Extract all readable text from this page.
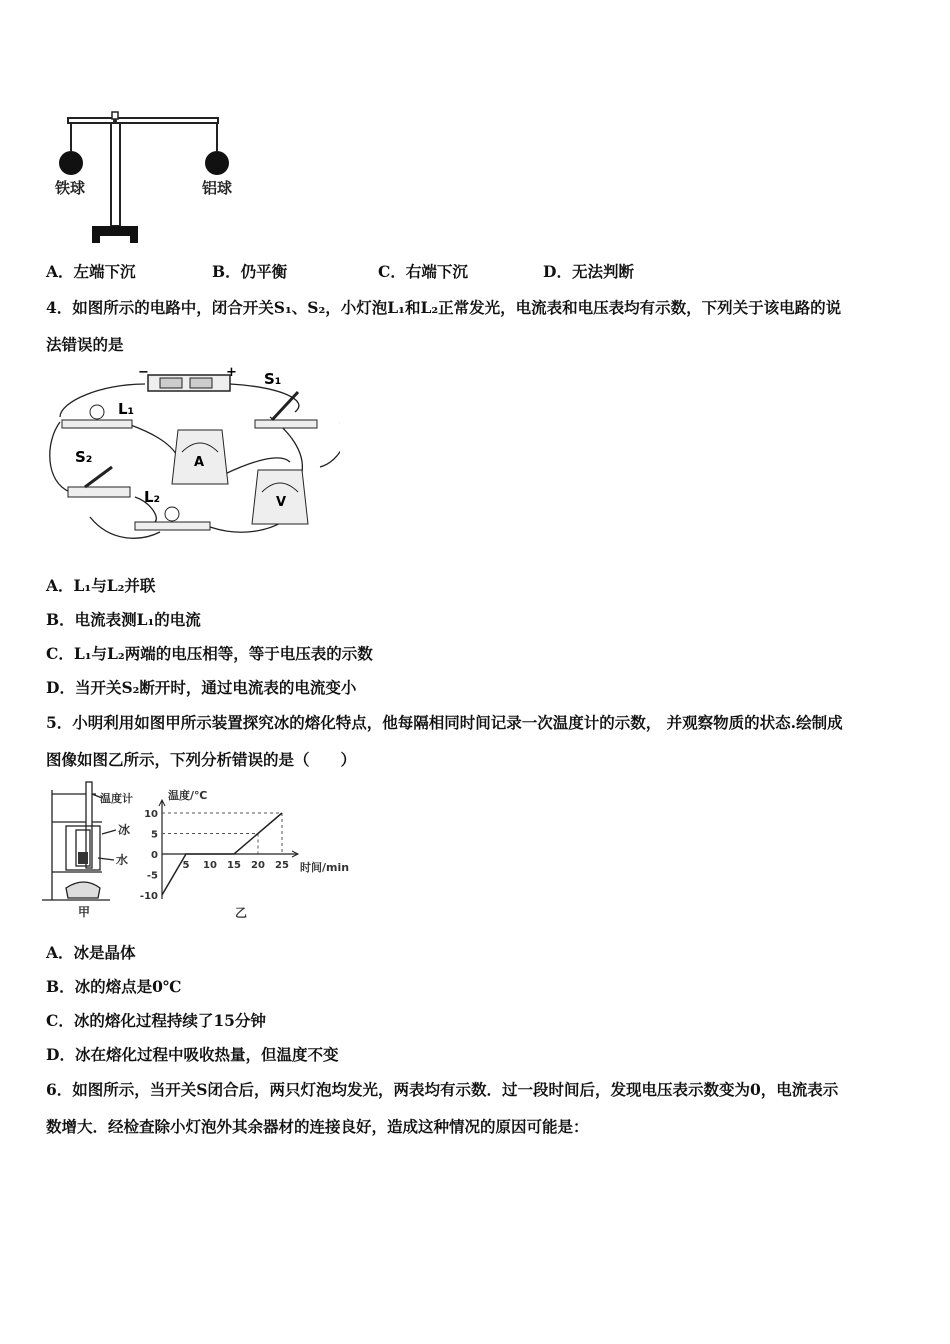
铁球	铝球
A．左端下沉	B．仍平衡	C．右端下沉	D．无法判断
4．如图所示的电路中，闭合开关S₁、S₂，小灯泡L₁和L₂正常发光，电流表和电压表均有示数，下列关于该电路的说
法错误的是
−	+ S₁
L₁
S₂	A
L₂	V
A．L₁与L₂并联
B．电流表测L₁的电流
C．L₁与L₂两端的电压相等，等于电压表的示数
D．当开关S₂断开时，通过电流表的电流变小
5．小明利用如图甲所示装置探究冰的熔化特点，他每隔相同时间记录一次温度计的示数， 并观察物质的状态.绘制成
图像如图乙所示，下列分析错误的是（　　）
温度计
冰
水
甲
10
5
0
-5
-10
5 10 15 20 25
温度/℃
时间/min
乙
A．冰是晶体
B．冰的熔点是0℃
C．冰的熔化过程持续了15分钟
D．冰在熔化过程中吸收热量，但温度不变
6．如图所示，当开关S闭合后，两只灯泡均发光，两表均有示数．过一段时间后，发现电压表示数变为0，电流表示
数增大．经检查除小灯泡外其余器材的连接良好，造成这种情况的原因可能是：
